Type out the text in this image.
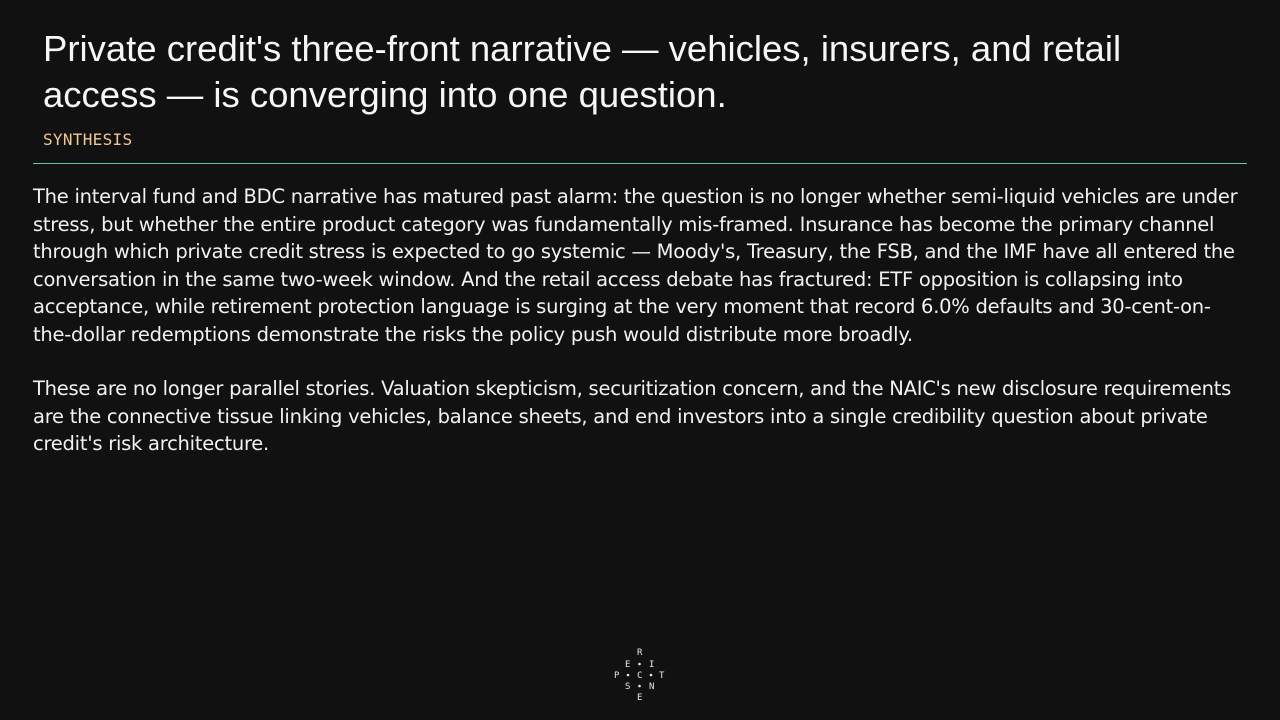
Private credit's three-front narrative — vehicles, insurers, and retail access — is converging into one question.
SYNTHESIS

The interval fund and BDC narrative has matured past alarm: the question is no longer whether semi-liquid vehicles are under stress, but whether the entire product category was fundamentally mis-framed. Insurance has become the primary channel through which private credit stress is expected to go systemic — Moody's, Treasury, the FSB, and the IMF have all entered the conversation in the same two-week window. And the retail access debate has fractured: ETF opposition is collapsing into acceptance, while retirement protection language is surging at the very moment that record 6.0% defaults and 30-cent-on-the-dollar redemptions demonstrate the risks the policy push would distribute more broadly.

These are no longer parallel stories. Valuation skepticism, securitization concern, and the NAIC's new disclosure requirements are the connective tissue linking vehicles, balance sheets, and end investors into a single credibility question about private credit's risk architecture.

R
E I
P C T
S N
E
